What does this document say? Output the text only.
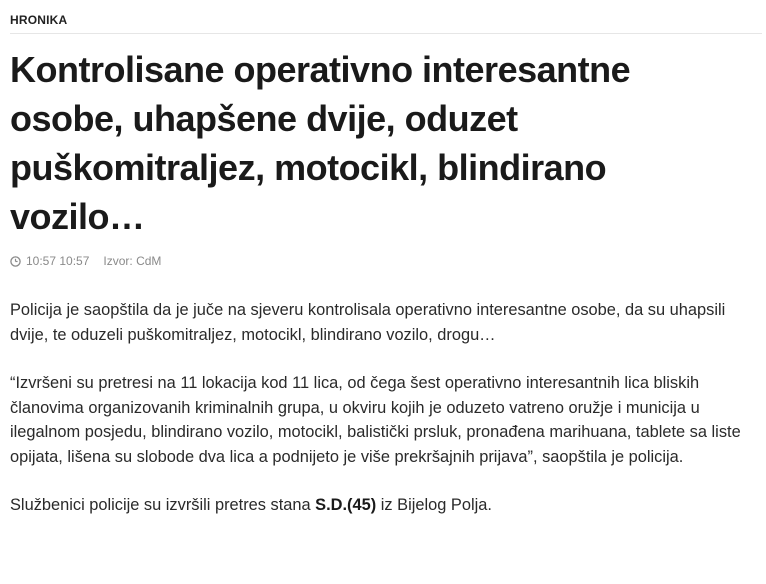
HRONIKA
Kontrolisane operativno interesantne osobe, uhapšene dvije, oduzet puškomitraljez, motocikl, blindirano vozilo…
10:57 10:57 Izvor: CdM

Policija je saopštila da je juče na sjeveru kontrolisala operativno interesantne osobe, da su uhapsili dvije, te oduzeli puškomitraljez, motocikl, blindirano vozilo, drogu…

“Izvršeni su pretresi na 11 lokacija kod 11 lica, od čega šest operativno interesantnih lica bliskih članovima organizovanih kriminalnih grupa, u okviru kojih je oduzeto vatreno oružje i municija u ilegalnom posjedu, blindirano vozilo, motocikl, balistički prsluk, pronađena marihuana, tablete sa liste opijata, lišena su slobode dva lica a podnijeto je više prekršajnih prijava”, saopštila je policija.

Službenici policije su izvršili pretres stana S.D.(45) iz Bijelog Polja.
